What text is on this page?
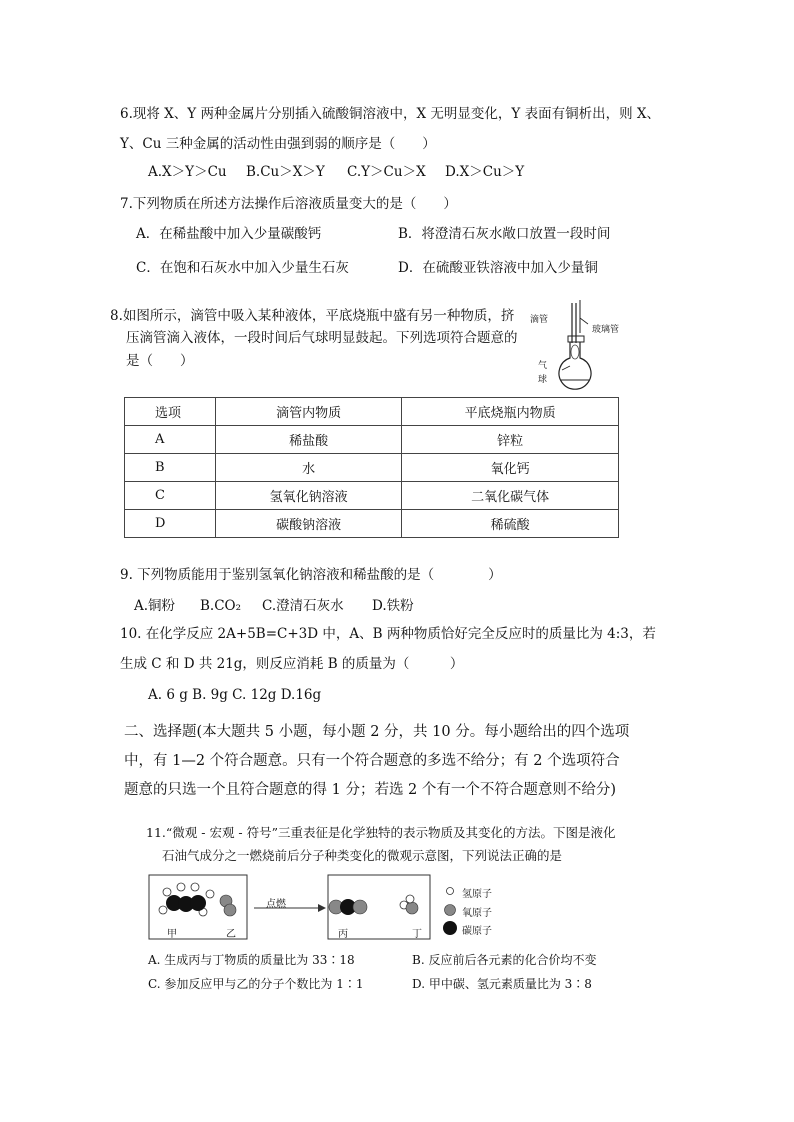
6.现将 X、Y 两种金属片分别插入硫酸铜溶液中，X 无明显变化，Y 表面有铜析出，则 X、
Y、Cu 三种金属的活动性由强到弱的顺序是（　　）
A.X＞Y＞Cu B.Cu＞X＞Y C.Y＞Cu＞X D.X＞Cu＞Y
7.下列物质在所述方法操作后溶液质量变大的是（　　）
A．在稀盐酸中加入少量碳酸钙	B．将澄清石灰水敞口放置一段时间
C．在饱和石灰水中加入少量生石灰	D．在硫酸亚铁溶液中加入少量铜
8.如图所示，滴管中吸入某种液体，平底烧瓶中盛有另一种物质，挤
压滴管滴入液体，一段时间后气球明显鼓起。下列选项符合题意的
是（　　）
滴管
玻璃管
气
球
选项	滴管内物质	平底烧瓶内物质
A	稀盐酸	锌粒
B	水	氧化钙
C	氢氧化钠溶液	二氧化碳气体
D	碳酸钠溶液	稀硫酸
9. 下列物质能用于鉴别氢氧化钠溶液和稀盐酸的是（　　　　）
A.铜粉 B.CO₂ C.澄清石灰水 D.铁粉
10. 在化学反应 2A+5B=C+3D 中，A、B 两种物质恰好完全反应时的质量比为 4:3，若
生成 C 和 D 共 21g，则反应消耗 B 的质量为（　　　）
A. 6 g B. 9g C. 12g D.16g
二、选择题(本大题共 5 小题，每小题 2 分，共 10 分。每小题给出的四个选项
中，有 1—2 个符合题意。只有一个符合题意的多选不给分；有 2 个选项符合
题意的只选一个且符合题意的得 1 分；若选 2 个有一个不符合题意则不给分)
11.“微观 - 宏观 - 符号”三重表征是化学独特的表示物质及其变化的方法。下图是液化
石油气成分之一燃烧前后分子种类变化的微观示意图，下列说法正确的是
甲	乙
点燃
丙	丁
氢原子
氧原子
碳原子
A. 生成丙与丁物质的质量比为 33∶18	B. 反应前后各元素的化合价均不变
C. 参加反应甲与乙的分子个数比为 1∶1	D. 甲中碳、氢元素质量比为 3∶8
